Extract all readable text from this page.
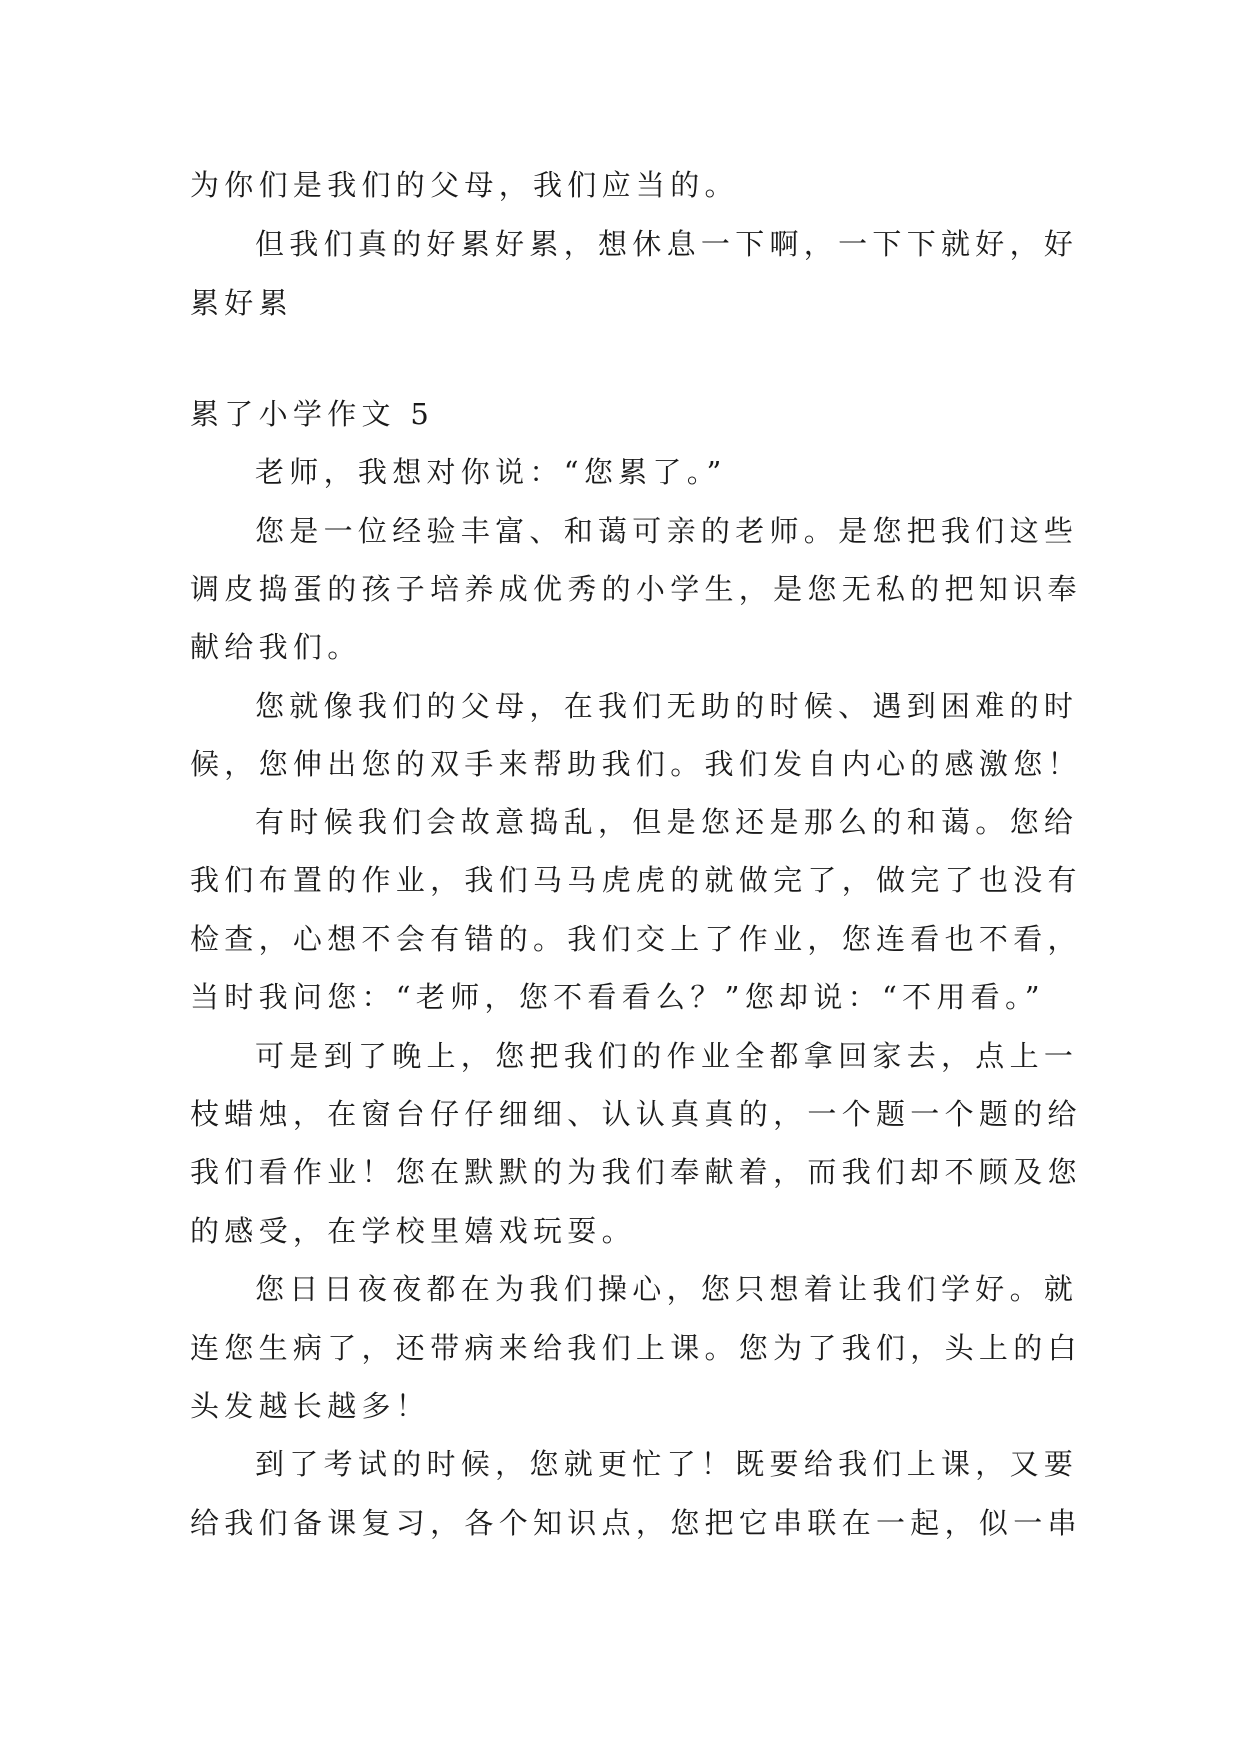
为你们是我们的父母，我们应当的。
但我们真的好累好累，想休息一下啊，一下下就好，好
累好累
累了小学作文 5
老师，我想对你说：“您累了。”
您是一位经验丰富、和蔼可亲的老师。是您把我们这些
调皮捣蛋的孩子培养成优秀的小学生，是您无私的把知识奉
献给我们。
您就像我们的父母，在我们无助的时候、遇到困难的时
候，您伸出您的双手来帮助我们。我们发自内心的感激您！
有时候我们会故意捣乱，但是您还是那么的和蔼。您给
我们布置的作业，我们马马虎虎的就做完了，做完了也没有
检查，心想不会有错的。我们交上了作业，您连看也不看，
当时我问您：“老师，您不看看么？”您却说：“不用看。”
可是到了晚上，您把我们的作业全都拿回家去，点上一
枝蜡烛，在窗台仔仔细细、认认真真的，一个题一个题的给
我们看作业！您在默默的为我们奉献着，而我们却不顾及您
的感受，在学校里嬉戏玩耍。
您日日夜夜都在为我们操心，您只想着让我们学好。就
连您生病了，还带病来给我们上课。您为了我们，头上的白
头发越长越多！
到了考试的时候，您就更忙了！既要给我们上课，又要
给我们备课复习，各个知识点，您把它串联在一起，似一串
